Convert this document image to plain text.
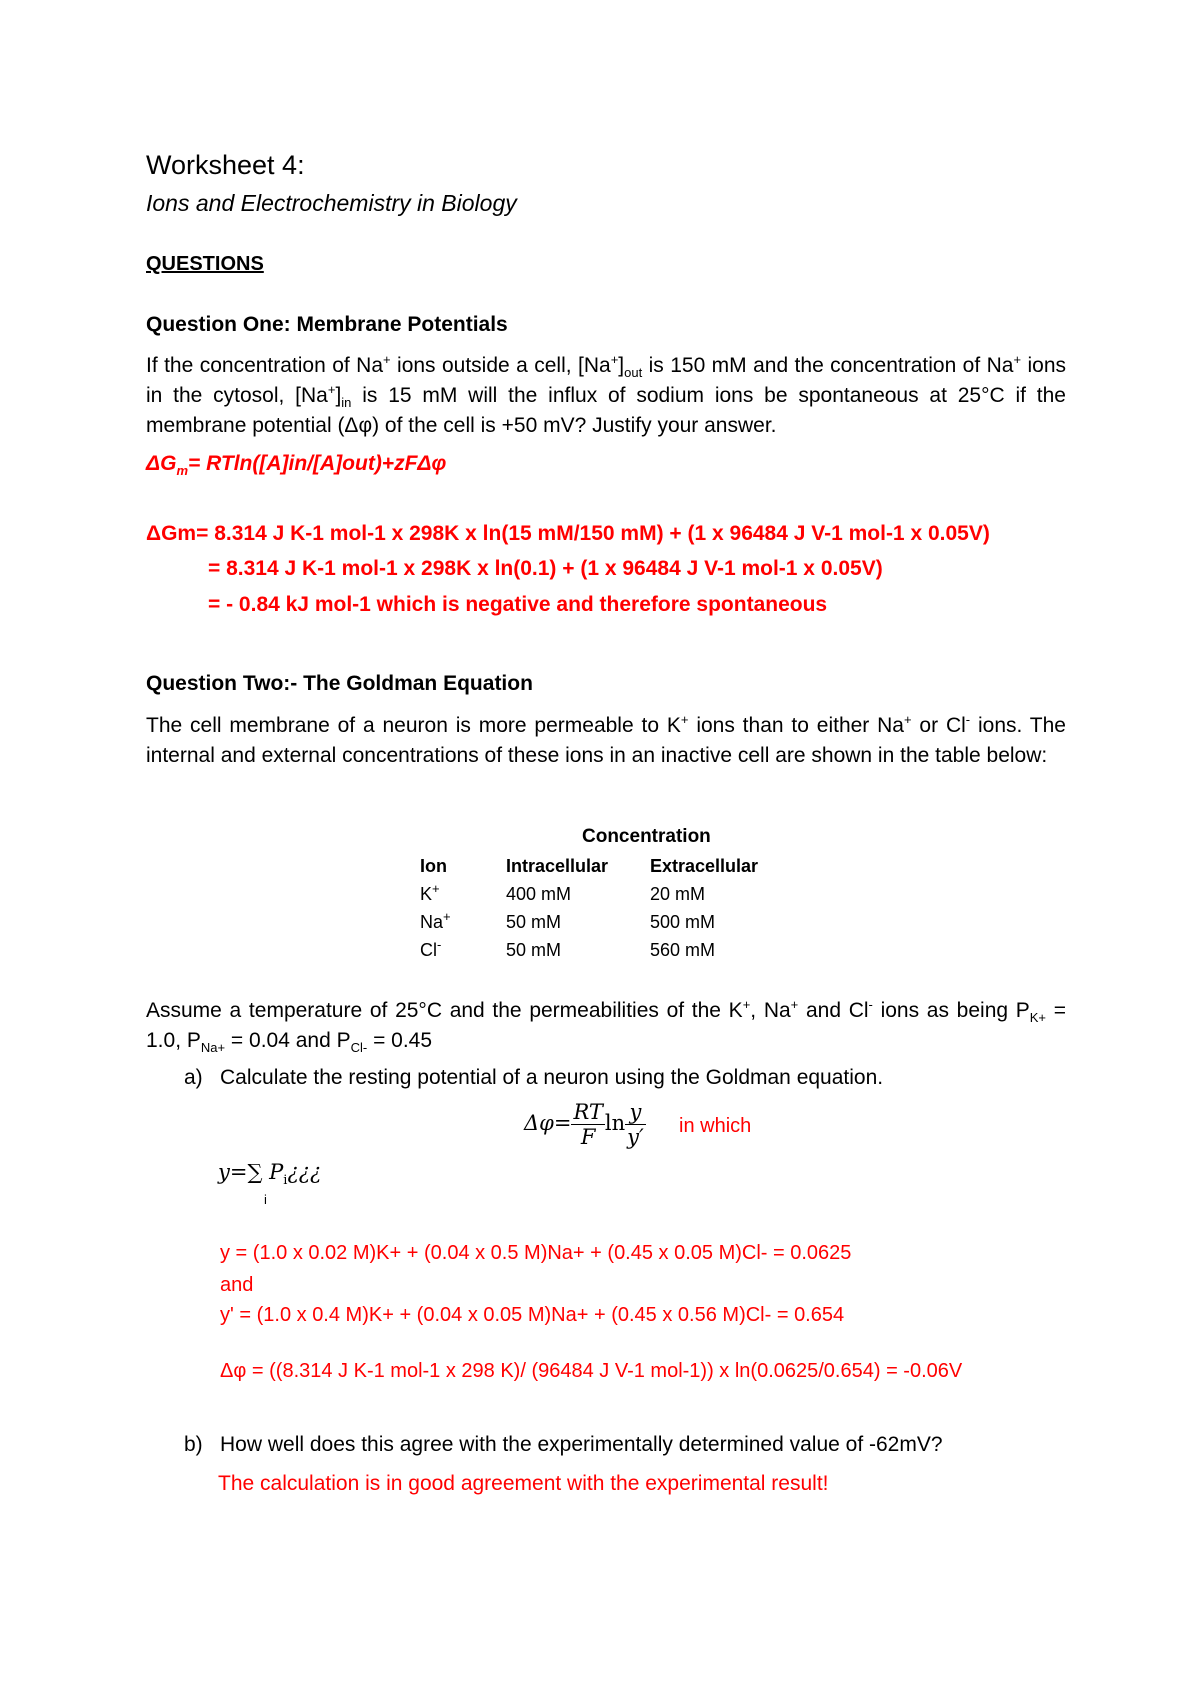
Worksheet 4:
Ions and Electrochemistry in Biology
QUESTIONS
Question One: Membrane Potentials
If the concentration of Na+ ions outside a cell, $[Na^+]_{out}$ is 150 mM and the concentration of Na+ ions in the cytosol, $[Na^+]_{in}$ is 15 mM will the influx of sodium ions be spontaneous at 25°C if the membrane potential (Δφ) of the cell is +50 mV? Justify your answer.
$\Delta G_m= RTln([A]in/[A]out)+zF\Delta\varphi$
ΔGm= 8.314 J K-1 mol-1 x 298K x ln(15 mM/150 mM) + (1 x 96484 J V-1 mol-1 x 0.05V)
= 8.314 J K-1 mol-1 x 298K x ln(0.1) + (1 x 96484 J V-1 mol-1 x 0.05V)
= - 0.84 kJ mol-1 which is negative and therefore spontaneous
Question Two:- The Goldman Equation
The cell membrane of a neuron is more permeable to K+ ions than to either Na+ or Cl- ions. The internal and external concentrations of these ions in an inactive cell are shown in the table below:
Concentration
Ion	Intracellular	Extracellular
K+	400 mM	20 mM
Na+	50 mM	500 mM
Cl-	50 mM	560 mM
Assume a temperature of 25°C and the permeabilities of the K+, Na+ and Cl- ions as being $P_{K+} = 1.0$, $P_{Na+} = 0.04$ and $P_{Cl-} = 0.45$
a) Calculate the resting potential of a neuron using the Goldman equation.
$\Delta\varphi= \frac{RT}{F}$ $\ln \frac{y}{y'}$ in which
y=∑ $P_i¿¿¿$
i
y = (1.0 x 0.02 M)K+ + (0.04 x 0.5 M)Na+ + (0.45 x 0.05 M)Cl- = 0.0625
and
y' = (1.0 x 0.4 M)K+ + (0.04 x 0.05 M)Na+ + (0.45 x 0.56 M)Cl- = 0.654
Δφ = ((8.314 J K-1 mol-1 x 298 K)/ (96484 J V-1 mol-1)) x ln(0.0625/0.654) = -0.06V
b) How well does this agree with the experimentally determined value of -62mV?
The calculation is in good agreement with the experimental result!
